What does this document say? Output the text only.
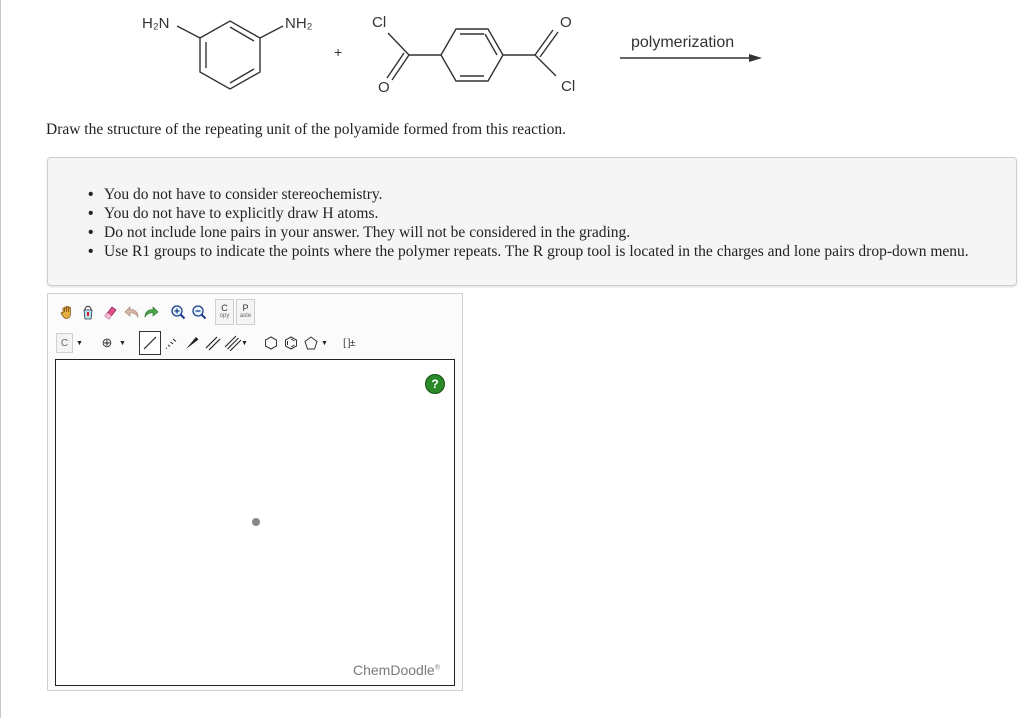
H₂N	NH₂
+
Cl	O
O	Cl
polymerization
Draw the structure of the repeating unit of the polyamide formed from this reaction.
• You do not have to consider stereochemistry.
• You do not have to explicitly draw H atoms.
• Do not include lone pairs in your answer. They will not be considered in the grading.
• Use R1 groups to indicate the points where the polymer repeats. The R group tool is located in the charges and lone pairs drop-down menu.
C
opy
P
aste
C	▼	⊕ ▼	▼	▼	[ ]±
?
ChemDoodle®
